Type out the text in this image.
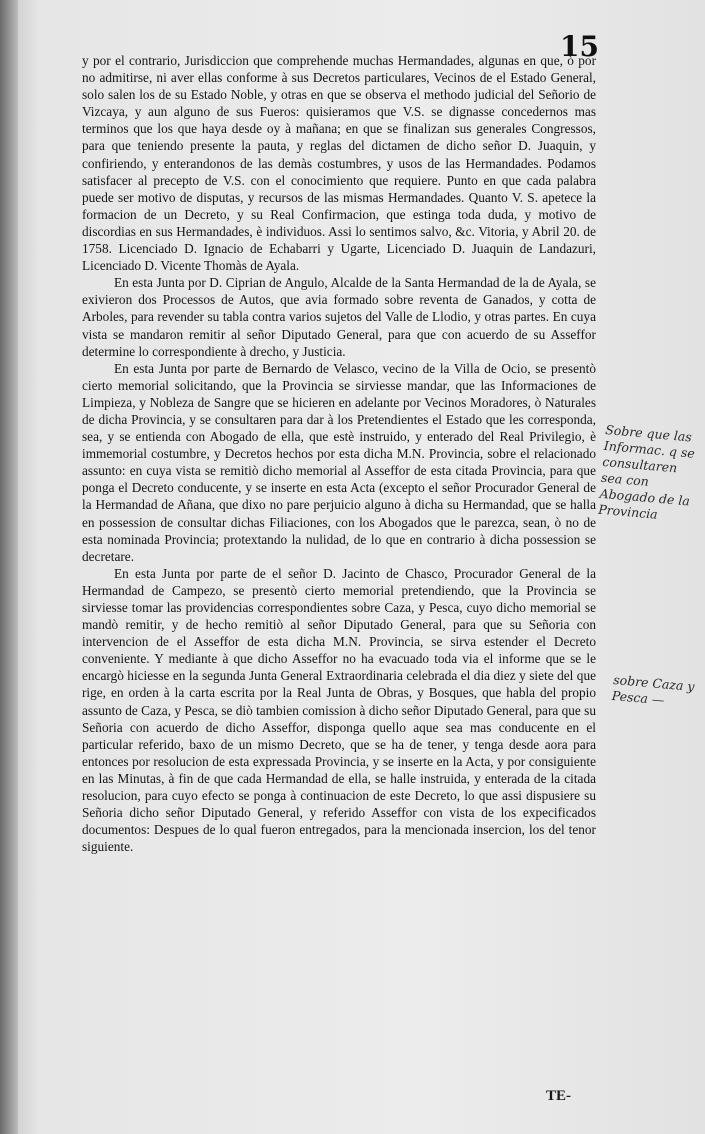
15

y por el contrario, Jurisdiccion que comprehende muchas Hermandades, algunas en que, ò por no admitirse, ni aver ellas conforme à sus Decretos particulares, Vecinos de el Estado General, solo salen los de su Estado Noble, y otras en que se observa el methodo judicial del Señorio de Vizcaya, y aun alguno de sus Fueros: quisieramos que V.S. se dignasse concedernos mas terminos que los que haya desde oy à mañana; en que se finalizan sus generales Congressos, para que teniendo presente la pauta, y reglas del dictamen de dicho señor D. Juaquin, y confiriendo, y enterandonos de las demàs costumbres, y usos de las Hermandades. Podamos satisfacer al precepto de V.S. con el conocimiento que requiere. Punto en que cada palabra puede ser motivo de disputas, y recursos de las mismas Hermandades. Quanto V. S. apetece la formacion de un Decreto, y su Real Confirmacion, que estinga toda duda, y motivo de discordias en sus Hermandades, è individuos. Assi lo sentimos salvo, &c. Vitoria, y Abril 20. de 1758. Licenciado D. Ignacio de Echabarri y Ugarte, Licenciado D. Juaquin de Landazuri, Licenciado D. Vicente Thomàs de Ayala.

En esta Junta por D. Ciprian de Angulo, Alcalde de la Santa Hermandad de la de Ayala, se exivieron dos Processos de Autos, que avia formado sobre reventa de Ganados, y cotta de Arboles, para revender su tabla contra varios sujetos del Valle de Llodio, y otras partes. En cuya vista se mandaron remitir al señor Diputado General, para que con acuerdo de su Asseffor determine lo correspondiente à drecho, y Justicia.

En esta Junta por parte de Bernardo de Velasco, vecino de la Villa de Ocio, se presentò cierto memorial solicitando, que la Provincia se sirviesse mandar, que las Informaciones de Limpieza, y Nobleza de Sangre que se hicieren en adelante por Vecinos Moradores, ò Naturales de dicha Provincia, y se consultaren para dar à los Pretendientes el Estado que les corresponda, sea, y se entienda con Abogado de ella, que estè instruido, y enterado del Real Privilegio, è immemorial costumbre, y Decretos hechos por esta dicha M.N. Provincia, sobre el relacionado assunto: en cuya vista se remitiò dicho memorial al Asseffor de esta citada Provincia, para que ponga el Decreto conducente, y se inserte en esta Acta (excepto el señor Procurador General de la Hermandad de Añana, que dixo no pare perjuicio alguno à dicha su Hermandad, que se halla en possession de consultar dichas Filiaciones, con los Abogados que le parezca, sean, ò no de esta nominada Provincia; protextando la nulidad, de lo que en contrario à dicha possession se decretare.

En esta Junta por parte de el señor D. Jacinto de Chasco, Procurador General de la Hermandad de Campezo, se presentò cierto memorial pretendiendo, que la Provincia se sirviesse tomar las providencias correspondientes sobre Caza, y Pesca, cuyo dicho memorial se mandò remitir, y de hecho remitiò al señor Diputado General, para que su Señoria con intervencion de el Asseffor de esta dicha M.N. Provincia, se sirva estender el Decreto conveniente. Y mediante à que dicho Asseffor no ha evacuado toda via el informe que se le encargò hiciesse en la segunda Junta General Extraordinaria celebrada el dia diez y siete del que rige, en orden à la carta escrita por la Real Junta de Obras, y Bosques, que habla del propio assunto de Caza, y Pesca, se diò tambien comission à dicho señor Diputado General, para que su Señoria con acuerdo de dicho Asseffor, disponga quello aque sea mas conducente en el particular referido, baxo de un mismo Decreto, que se ha de tener, y tenga desde aora para entonces por resolucion de esta expressada Provincia, y se inserte en la Acta, y por consiguiente en las Minutas, à fin de que cada Hermandad de ella, se halle instruida, y enterada de la citada resolucion, para cuyo efecto se ponga à continuacion de este Decreto, lo que assi dispusiere su Señoria dicho señor Diputado General, y referido Asseffor con vista de los expecificados documentos: Despues de lo qual fueron entregados, para la mencionada insercion, los del tenor siguiente.

TE-
Sobre que las Informac. q se consultaren sea con Abogado de la Provincia
sobre Caza y Pesca —
